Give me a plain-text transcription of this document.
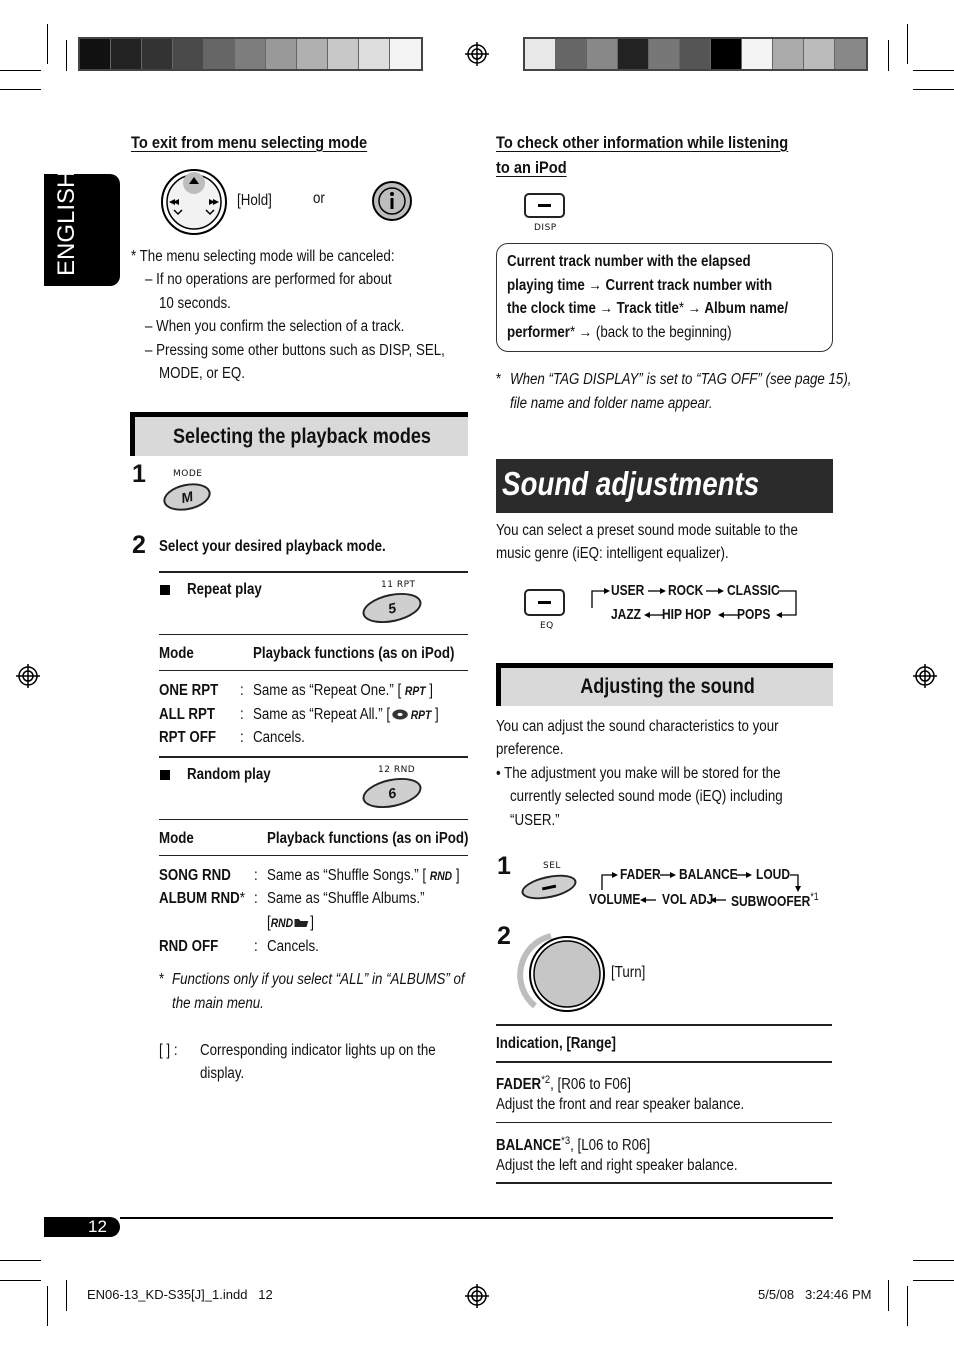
ENGLISH
To exit from menu selecting mode
[Hold]	or
* The menu selecting mode will be canceled:
– If no operations are performed for about
10 seconds.
– When you confirm the selection of a track.
– Pressing some other buttons such as DISP, SEL,
MODE, or EQ.
Selecting the playback modes
1	MODE
M
2 Select your desired playback mode.
Repeat play	11 RPT
5
Mode	Playback functions (as on iPod)
ONE RPT : Same as “Repeat One.” [ RPT ]
ALL RPT : Same as “Repeat All.” [ RPT ]
RPT OFF : Cancels.
Random play	12 RND
6
Mode	Playback functions (as on iPod)
SONG RND : Same as “Shuffle Songs.” [ RND ]
ALBUM RND* : Same as “Shuffle Albums.”
[RND ]
RND OFF : Cancels.
* Functions only if you select “ALL” in “ALBUMS” of
the main menu.
[ ] : Corresponding indicator lights up on the
display.
To check other information while listening
to an iPod
DISP
Current track number with the elapsed
playing time → Current track number with
the clock time → Track title* → Album name/
performer* → (back to the beginning)
* When “TAG DISPLAY” is set to “TAG OFF” (see page 15),
file name and folder name appear.
Sound adjustments
You can select a preset sound mode suitable to the
music genre (iEQ: intelligent equalizer).
EQ
USER ROCK CLASSIC
JAZZ HIP HOP POPS
Adjusting the sound
You can adjust the sound characteristics to your
preference.
• The adjustment you make will be stored for the
currently selected sound mode (iEQ) including
“USER.”
1	SEL	FADER BALANCE LOUD
VOLUME VOL ADJ SUBWOOFER$^{*1}$
2
[Turn]
Indication, [Range]
FADER$^{*2}$, [R06 to F06]
Adjust the front and rear speaker balance.
BALANCE$^{*3}$, [L06 to R06]
Adjust the left and right speaker balance.
12
EN06-13_KD-S35[J]_1.indd   12	5/5/08   3:24:46 PM
